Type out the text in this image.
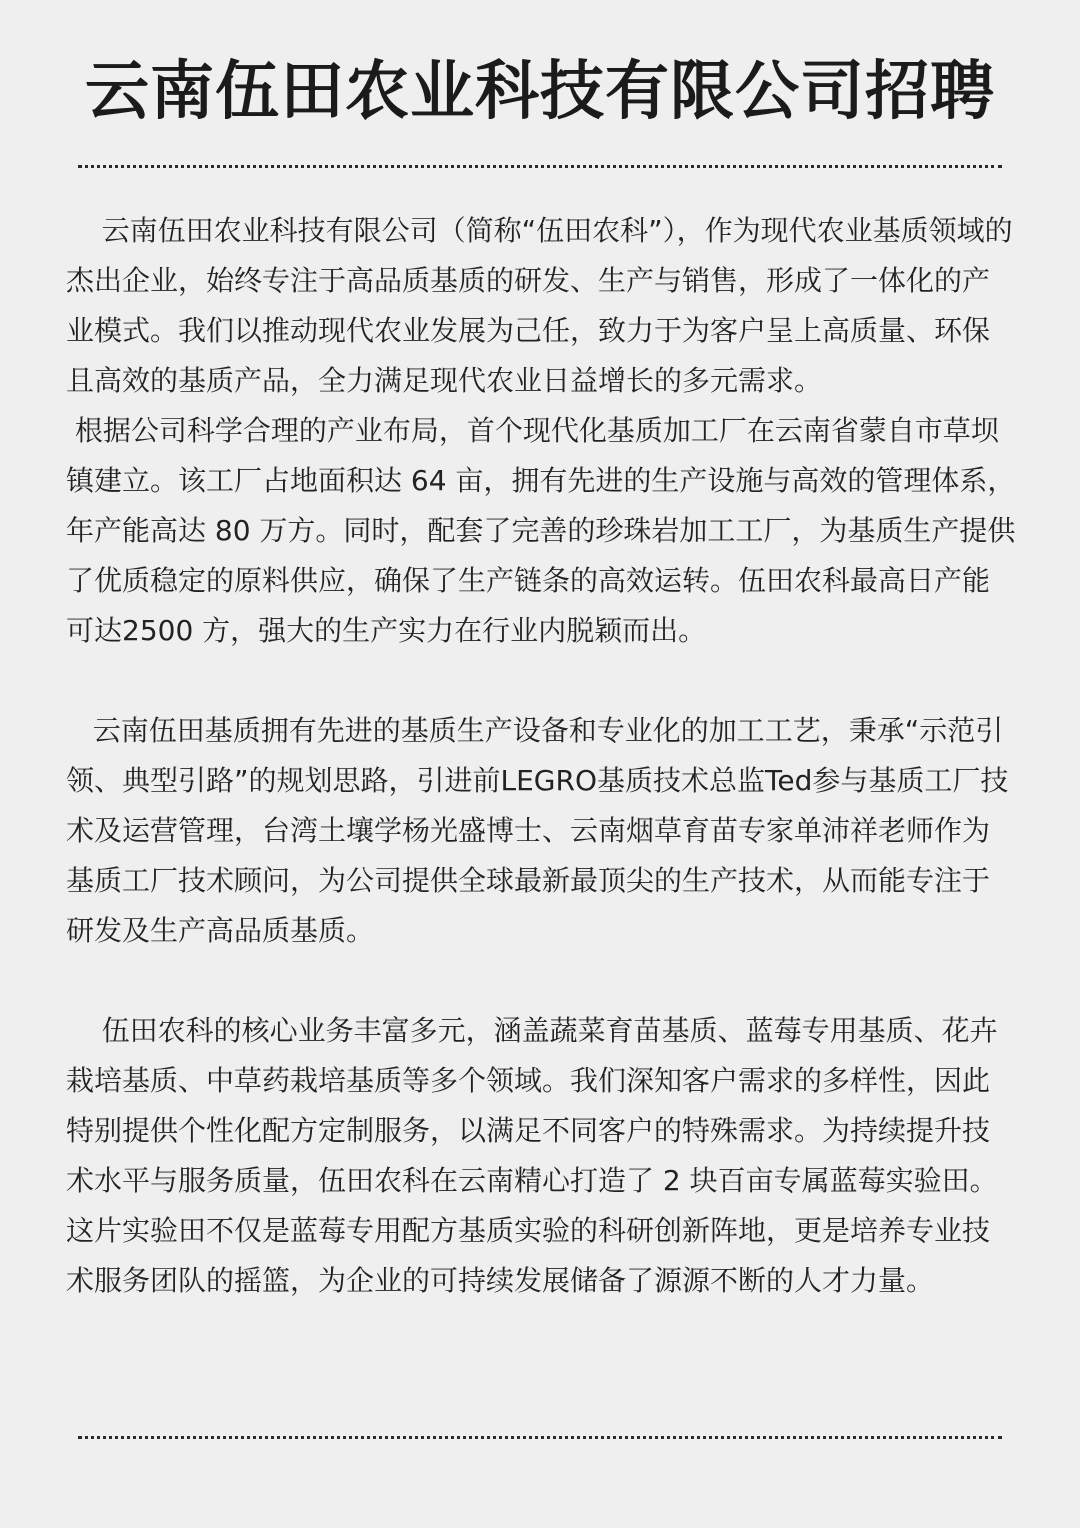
云南伍田农业科技有限公司招聘

云南伍田农业科技有限公司（简称“伍田农科”），作为现代农业基质领域的杰出企业，始终专注于高品质基质的研发、生产与销售，形成了一体化的产业模式。我们以推动现代农业发展为己任，致力于为客户呈上高质量、环保且高效的基质产品，全力满足现代农业日益增长的多元需求。

根据公司科学合理的产业布局，首个现代化基质加工厂在云南省蒙自市草坝镇建立。该工厂占地面积达 64 亩，拥有先进的生产设施与高效的管理体系，年产能高达 80 万方。同时，配套了完善的珍珠岩加工工厂，为基质生产提供了优质稳定的原料供应，确保了生产链条的高效运转。伍田农科最高日产能可达2500 方，强大的生产实力在行业内脱颖而出。

云南伍田基质拥有先进的基质生产设备和专业化的加工工艺，秉承“示范引领、典型引路”的规划思路，引进前LEGRO基质技术总监Ted参与基质工厂技术及运营管理，台湾土壤学杨光盛博士、云南烟草育苗专家单沛祥老师作为基质工厂技术顾问，为公司提供全球最新最顶尖的生产技术，从而能专注于研发及生产高品质基质。

伍田农科的核心业务丰富多元，涵盖蔬菜育苗基质、蓝莓专用基质、花卉栽培基质、中草药栽培基质等多个领域。我们深知客户需求的多样性，因此特别提供个性化配方定制服务，以满足不同客户的特殊需求。为持续提升技术水平与服务质量，伍田农科在云南精心打造了 2 块百亩专属蓝莓实验田。这片实验田不仅是蓝莓专用配方基质实验的科研创新阵地，更是培养专业技术服务团队的摇篮，为企业的可持续发展储备了源源不断的人才力量。
